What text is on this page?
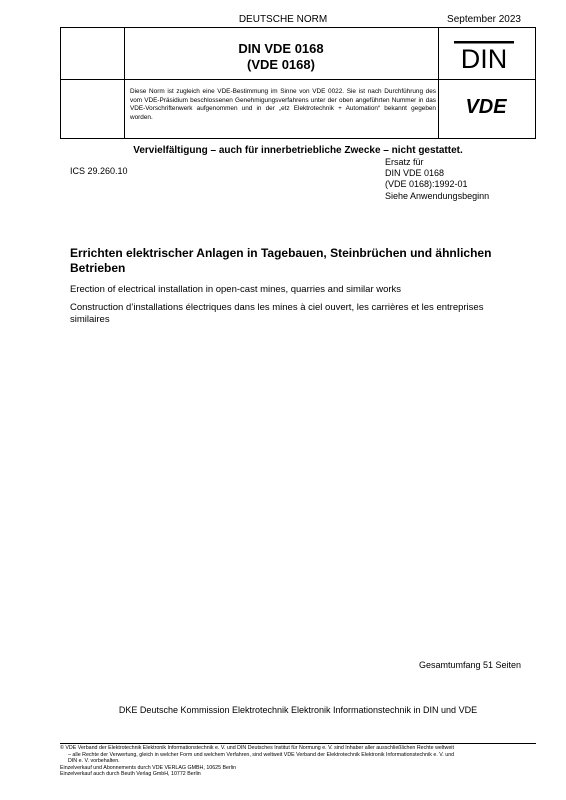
DEUTSCHE NORM	September 2023
DIN VDE 0168
(VDE 0168)	DIN
Diese Norm ist zugleich eine VDE-Bestimmung im Sinne von VDE 0022. Sie ist nach Durchführung des vom VDE-Präsidium beschlossenen Genehmigungsverfahrens unter der oben angeführten Nummer in das VDE-Vorschriftenwerk aufgenommen und in der „etz Elektrotechnik + Automation“ bekannt gegeben worden.	VDE
Vervielfältigung – auch für innerbetriebliche Zwecke – nicht gestattet.
ICS 29.260.10
Ersatz für
DIN VDE 0168
(VDE 0168):1992-01
Siehe Anwendungsbeginn
Errichten elektrischer Anlagen in Tagebauen, Steinbrüchen und ähnlichen Betrieben
Erection of electrical installation in open-cast mines, quarries and similar works
Construction d’installations électriques dans les mines à ciel ouvert, les carrières et les entreprises similaires
Gesamtumfang 51 Seiten
DKE Deutsche Kommission Elektrotechnik Elektronik Informationstechnik in DIN und VDE
© VDE Verband der Elektrotechnik Elektronik Informationstechnik e. V. und DIN Deutsches Institut für Normung e. V. sind Inhaber aller ausschließlichen Rechte weltweit
– alle Rechte der Verwertung, gleich in welcher Form und welchem Verfahren, sind weltweit VDE Verband der Elektrotechnik Elektronik Informationstechnik e. V. und
DIN e. V. vorbehalten.
Einzelverkauf und Abonnements durch VDE VERLAG GMBH, 10625 Berlin
Einzelverkauf auch durch Beuth Verlag GmbH, 10772 Berlin
